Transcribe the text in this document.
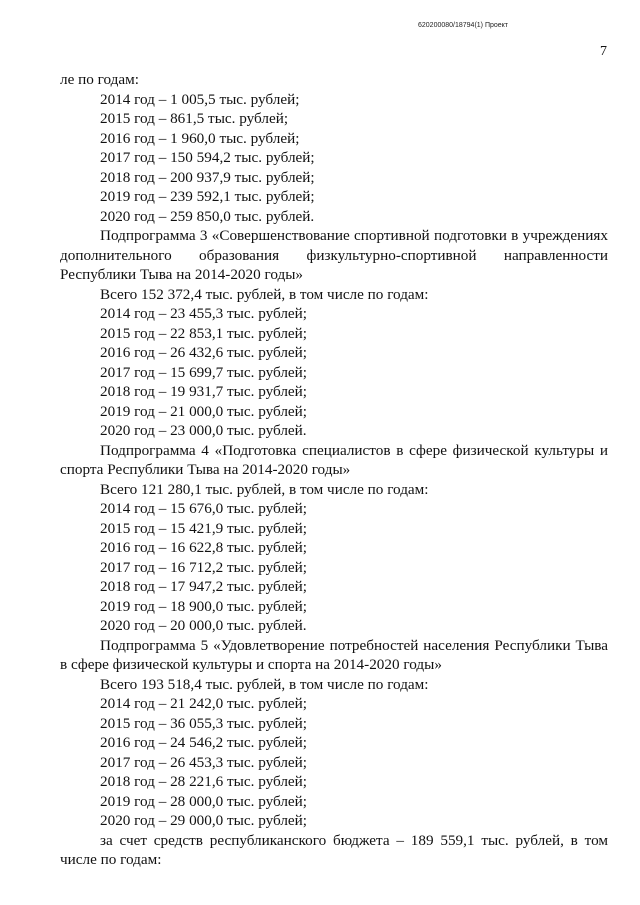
620200080/18794(1) Проект
7
ле по годам:
2014 год – 1 005,5 тыс. рублей;
2015 год – 861,5 тыс. рублей;
2016 год – 1 960,0 тыс. рублей;
2017 год – 150 594,2 тыс. рублей;
2018 год – 200 937,9 тыс. рублей;
2019 год – 239 592,1 тыс. рублей;
2020 год – 259 850,0 тыс. рублей.
Подпрограмма 3 «Совершенствование спортивной подготовки в учреждениях дополнительного образования физкультурно-спортивной направленности Республики Тыва на 2014-2020 годы»
Всего 152 372,4 тыс. рублей, в том числе по годам:
2014 год – 23 455,3 тыс. рублей;
2015 год – 22 853,1 тыс. рублей;
2016 год – 26 432,6 тыс. рублей;
2017 год – 15 699,7 тыс. рублей;
2018 год – 19 931,7 тыс. рублей;
2019 год – 21 000,0 тыс. рублей;
2020 год – 23 000,0 тыс. рублей.
Подпрограмма 4 «Подготовка специалистов в сфере физической культуры и спорта Республики Тыва на 2014-2020 годы»
Всего 121 280,1 тыс. рублей, в том числе по годам:
2014 год – 15 676,0 тыс. рублей;
2015 год – 15 421,9 тыс. рублей;
2016 год – 16 622,8 тыс. рублей;
2017 год – 16 712,2 тыс. рублей;
2018 год – 17 947,2 тыс. рублей;
2019 год – 18 900,0 тыс. рублей;
2020 год – 20 000,0 тыс. рублей.
Подпрограмма 5 «Удовлетворение потребностей населения Республики Тыва в сфере физической культуры и спорта на 2014-2020 годы»
Всего 193 518,4 тыс. рублей, в том числе по годам:
2014 год – 21 242,0 тыс. рублей;
2015 год – 36 055,3 тыс. рублей;
2016 год – 24 546,2 тыс. рублей;
2017 год – 26 453,3 тыс. рублей;
2018 год – 28 221,6 тыс. рублей;
2019 год – 28 000,0 тыс. рублей;
2020 год – 29 000,0 тыс. рублей;
за счет средств республиканского бюджета – 189 559,1 тыс. рублей, в том числе по годам:
